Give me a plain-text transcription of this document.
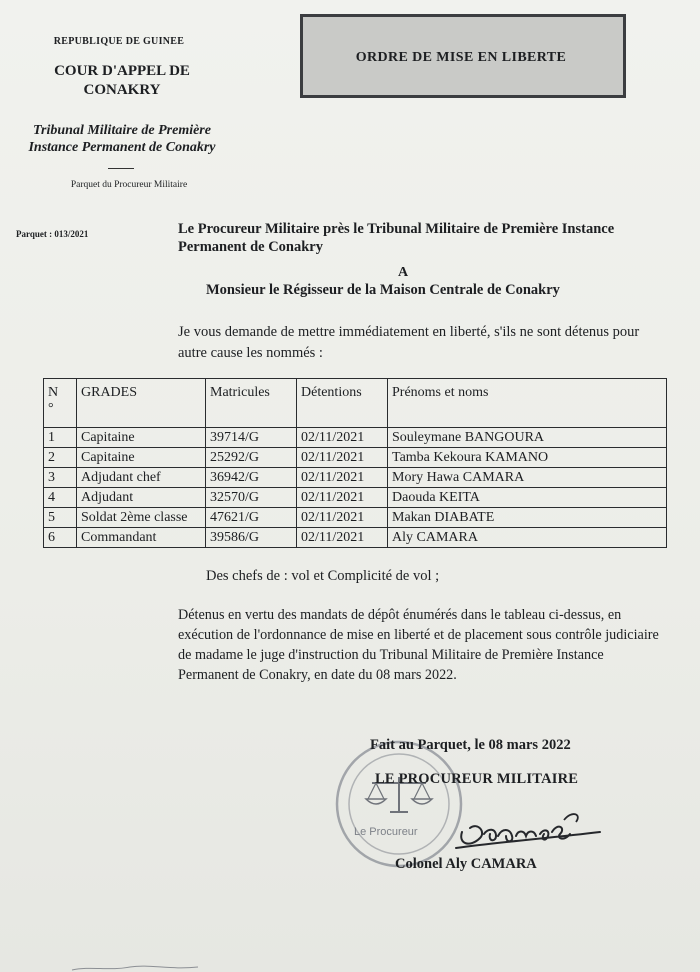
REPUBLIQUE DE GUINEE
COUR D'APPEL DE CONAKRY
Tribunal Militaire de Première Instance Permanent de Conakry
Parquet du Procureur Militaire
Parquet : 013/2021
ORDRE DE MISE EN LIBERTE
Le Procureur Militaire près le Tribunal Militaire de Première Instance Permanent de Conakry
A
Monsieur le Régisseur de la Maison Centrale de Conakry
Je vous demande de mettre immédiatement en liberté, s'ils ne sont détenus pour autre cause les nommés :
N
°	GRADES	Matricules	Détentions	Prénoms et noms
1	Capitaine	39714/G	02/11/2021	Souleymane BANGOURA
2	Capitaine	25292/G	02/11/2021	Tamba Kekoura KAMANO
3	Adjudant chef	36942/G	02/11/2021	Mory Hawa CAMARA
4	Adjudant	32570/G	02/11/2021	Daouda KEITA
5	Soldat 2ème classe	47621/G	02/11/2021	Makan DIABATE
6	Commandant	39586/G	02/11/2021	Aly CAMARA
Des chefs de : vol et Complicité de vol ;
Détenus en vertu des mandats de dépôt énumérés dans le tableau ci-dessus, en exécution de l'ordonnance de mise en liberté et de placement sous contrôle judiciaire de madame le juge d'instruction du Tribunal Militaire de Première Instance Permanent de Conakry, en date du 08 mars 2022.
Le Procureur
Fait au Parquet, le 08 mars 2022
LE PROCUREUR MILITAIRE
Colonel Aly CAMARA
